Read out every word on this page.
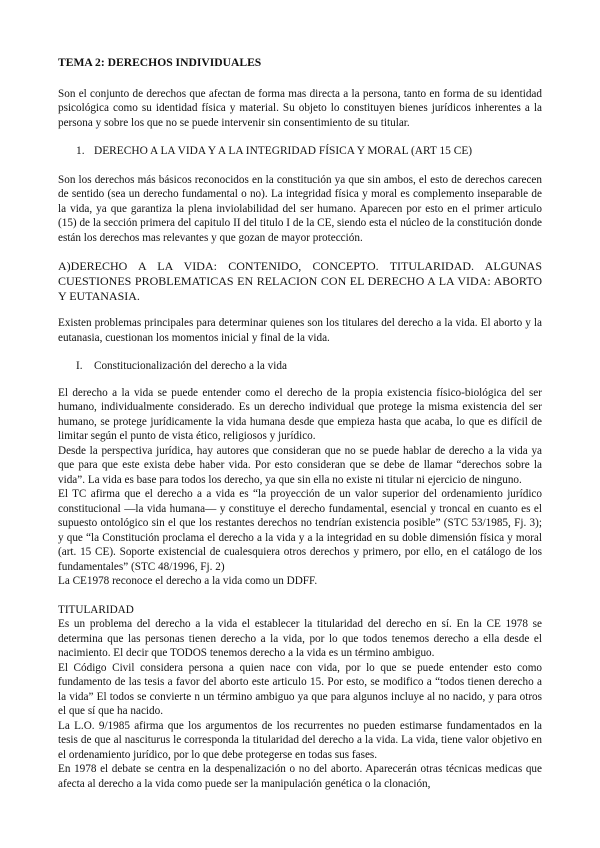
TEMA 2: DERECHOS INDIVIDUALES

Son el conjunto de derechos que afectan de forma mas directa a la persona, tanto en forma de su identidad psicológica como su identidad física y material. Su objeto lo constituyen bienes jurídicos inherentes a la persona y sobre los que no se puede intervenir sin consentimiento de su titular.

1. DERECHO A LA VIDA Y A LA INTEGRIDAD FÍSICA Y MORAL (ART 15 CE)

Son los derechos más básicos reconocidos en la constitución ya que sin ambos, el esto de derechos carecen de sentido (sea un derecho fundamental o no). La integridad física y moral es complemento inseparable de la vida, ya que garantiza la plena inviolabilidad del ser humano. Aparecen por esto en el primer articulo (15) de la sección primera del capitulo II del titulo I de la CE, siendo esta el núcleo de la constitución donde están los derechos mas relevantes y que gozan de mayor protección.

A)DERECHO A LA VIDA: CONTENIDO, CONCEPTO. TITULARIDAD. ALGUNAS CUESTIONES PROBLEMATICAS EN RELACION CON EL DERECHO A LA VIDA: ABORTO Y EUTANASIA.

Existen problemas principales para determinar quienes son los titulares del derecho a la vida. El aborto y la eutanasia, cuestionan los momentos inicial y final de la vida.

I. Constitucionalización del derecho a la vida

El derecho a la vida se puede entender como el derecho de la propia existencia físico-biológica del ser humano, individualmente considerado. Es un derecho individual que protege la misma existencia del ser humano, se protege jurídicamente la vida humana desde que empieza hasta que acaba, lo que es difícil de limitar según el punto de vista ético, religiosos y jurídico.

Desde la perspectiva jurídica, hay autores que consideran que no se puede hablar de derecho a la vida ya que para que este exista debe haber vida. Por esto consideran que se debe de llamar “derechos sobre la vida”. La vida es base para todos los derecho, ya que sin ella no existe ni titular ni ejercicio de ninguno.

El TC afirma que el derecho a a vida es “la proyección de un valor superior del ordenamiento jurídico constitucional —la vida humana— y constituye el derecho fundamental, esencial y troncal en cuanto es el supuesto ontológico sin el que los restantes derechos no tendrían existencia posible” (STC 53/1985, Fj. 3); y que “la Constitución proclama el derecho a la vida y a la integridad en su doble dimensión física y moral (art. 15 CE). Soporte existencial de cualesquiera otros derechos y primero, por ello, en el catálogo de los fundamentales” (STC 48/1996, Fj. 2)

La CE1978 reconoce el derecho a la vida como un DDFF.

TITULARIDAD

Es un problema del derecho a la vida el establecer la titularidad del derecho en sí. En la CE 1978 se determina que las personas tienen derecho a la vida, por lo que todos tenemos derecho a ella desde el nacimiento. El decir que TODOS tenemos derecho a la vida es un término ambiguo.

El Código Civil considera persona a quien nace con vida, por lo que se puede entender esto como fundamento de las tesis a favor del aborto este articulo 15. Por esto, se modifico a “todos tienen derecho a la vida” El todos se convierte n un término ambiguo ya que para algunos incluye al no nacido, y para otros el que sí que ha nacido.

La L.O. 9/1985 afirma que los argumentos de los recurrentes no pueden estimarse fundamentados en la tesis de que al nasciturus le corresponda la titularidad del derecho a la vida. La vida, tiene valor objetivo en el ordenamiento jurídico, por lo que debe protegerse en todas sus fases.

En 1978 el debate se centra en la despenalización o no del aborto. Aparecerán otras técnicas medicas que afecta al derecho a la vida como puede ser la manipulación genética o la clonación,
